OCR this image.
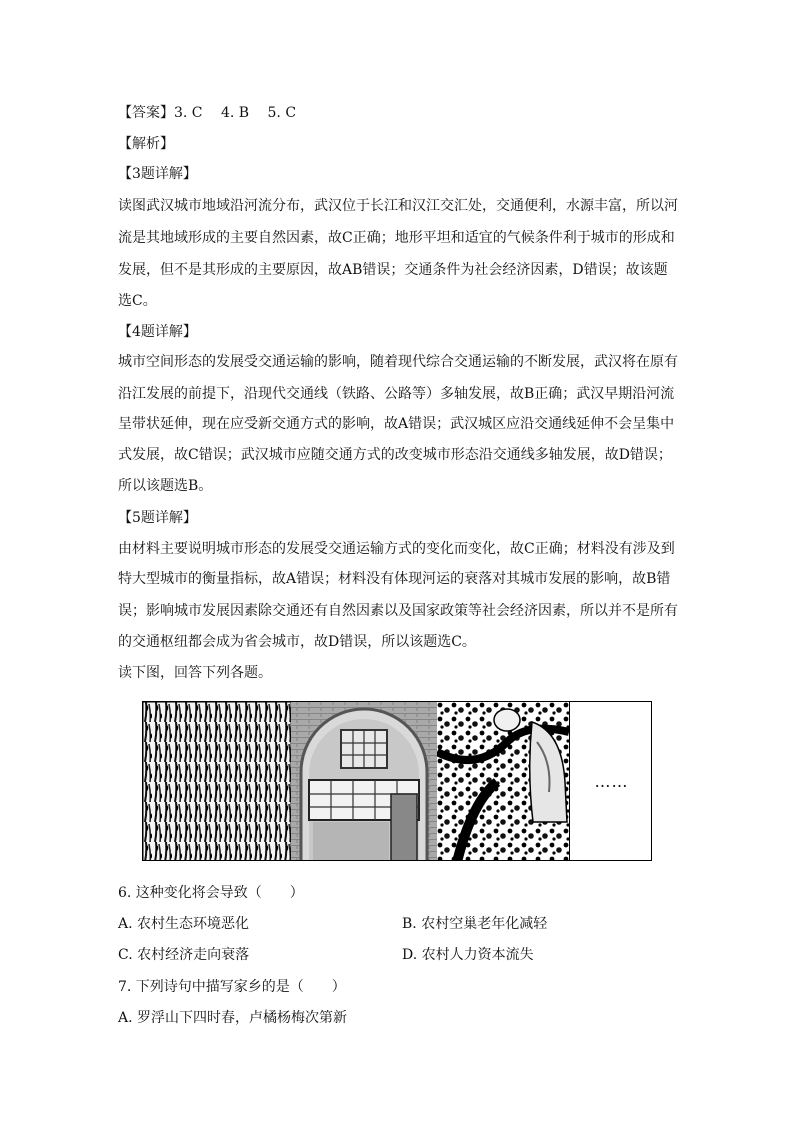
【答案】3. C　 4. B　 5. C
【解析】
【3题详解】
读图武汉城市地域沿河流分布，武汉位于长江和汉江交汇处，交通便利，水源丰富，所以河
流是其地域形成的主要自然因素，故C正确；地形平坦和适宜的气候条件利于城市的形成和
发展，但不是其形成的主要原因，故AB错误；交通条件为社会经济因素，D错误；故该题
选C。
【4题详解】
城市空间形态的发展受交通运输的影响，随着现代综合交通运输的不断发展，武汉将在原有
沿江发展的前提下，沿现代交通线（铁路、公路等）多轴发展，故B正确；武汉早期沿河流
呈带状延伸，现在应受新交通方式的影响，故A错误；武汉城区应沿交通线延伸不会呈集中
式发展，故C错误；武汉城市应随交通方式的改变城市形态沿交通线多轴发展，故D错误；
所以该题选B。
【5题详解】
由材料主要说明城市形态的发展受交通运输方式的变化而变化，故C正确；材料没有涉及到
特大型城市的衡量指标，故A错误；材料没有体现河运的衰落对其城市发展的影响，故B错
误；影响城市发展因素除交通还有自然因素以及国家政策等社会经济因素，所以并不是所有
的交通枢纽都会成为省会城市，故D错误，所以该题选C。
读下图，回答下列各题。
……
6. 这种变化将会导致（　　）
A. 农村生态环境恶化	B. 农村空巢老年化减轻
C. 农村经济走向衰落	D. 农村人力资本流失
7. 下列诗句中描写家乡的是（　　）
A. 罗浮山下四时春，卢橘杨梅次第新
